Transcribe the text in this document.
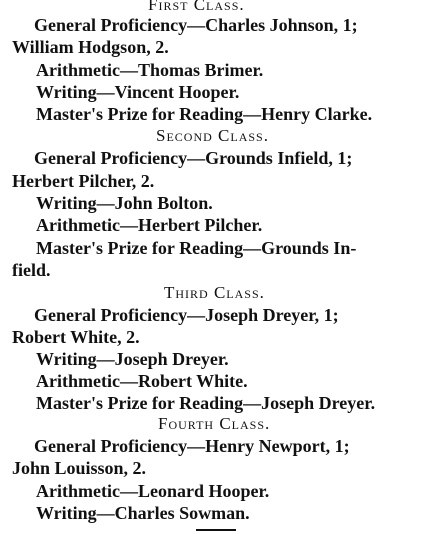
First Class.
General Proficiency—Charles Johnson, 1;
William Hodgson, 2.
Arithmetic—Thomas Brimer.
Writing—Vincent Hooper.
Master's Prize for Reading—Henry Clarke.
Second Class.
General Proficiency—Grounds Infield, 1;
Herbert Pilcher, 2.
Writing—John Bolton.
Arithmetic—Herbert Pilcher.
Master's Prize for Reading—Grounds In-
field.
Third Class.
General Proficiency—Joseph Dreyer, 1;
Robert White, 2.
Writing—Joseph Dreyer.
Arithmetic—Robert White.
Master's Prize for Reading—Joseph Dreyer.
Fourth Class.
General Proficiency—Henry Newport, 1;
John Louisson, 2.
Arithmetic—Leonard Hooper.
Writing—Charles Sowman.
